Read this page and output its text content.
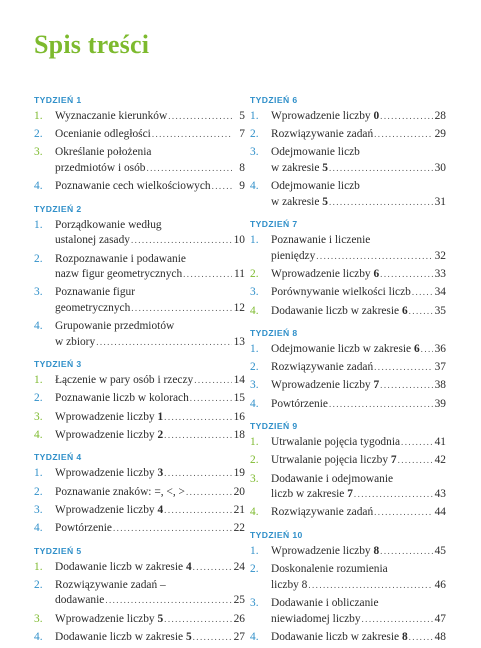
Spis treści
TYDZIEŃ 1
1.	Wyznaczanie kierunków .....	5
2.	Ocenianie odległości .....	7
3.	Określanie położenia
przedmiotów i osób .....	8
4.	Poznawanie cech wielkościowych .....	9
TYDZIEŃ 2
1.	Porządkowanie według
ustalonej zasady .....	10
2.	Rozpoznawanie i podawanie
nazw figur geometrycznych .....	11
3.	Poznawanie figur
geometrycznych .....	12
4.	Grupowanie przedmiotów
w zbiory .....	13
TYDZIEŃ 3
1.	Łączenie w pary osób i rzeczy .....	14
2.	Poznawanie liczb w kolorach .....	15
3.	Wprowadzenie liczby 1 .....	16
4.	Wprowadzenie liczby 2 .....	18
TYDZIEŃ 4
1.	Wprowadzenie liczby 3 .....	19
2.	Poznawanie znaków: =, <, > .....	20
3.	Wprowadzenie liczby 4 .....	21
4.	Powtórzenie .....	22
TYDZIEŃ 5
1.	Dodawanie liczb w zakresie 4 .....	24
2.	Rozwiązywanie zadań –
dodawanie .....	25
3.	Wprowadzenie liczby 5 .....	26
4.	Dodawanie liczb w zakresie 5 .....	27
TYDZIEŃ 6
1.	Wprowadzenie liczby 0 .....	28
2.	Rozwiązywanie zadań .....	29
3.	Odejmowanie liczb
w zakresie 5 .....	30
4.	Odejmowanie liczb
w zakresie 5 .....	31
TYDZIEŃ 7
1.	Poznawanie i liczenie
pieniędzy .....	32
2.	Wprowadzenie liczby 6 .....	33
3.	Porównywanie wielkości liczb ..... 34
4.	Dodawanie liczb w zakresie 6 ..... 35
TYDZIEŃ 8
1.	Odejmowanie liczb w zakresie 6 ..... 36
2.	Rozwiązywanie zadań .....	37
3.	Wprowadzenie liczby 7 .....	38
4.	Powtórzenie .....	39
TYDZIEŃ 9
1.	Utrwalanie pojęcia tygodnia .....	41
2.	Utrwalanie pojęcia liczby 7 .....	42
3.	Dodawanie i odejmowanie
liczb w zakresie 7 .....	43
4.	Rozwiązywanie zadań .....	44
TYDZIEŃ 10
1.	Wprowadzenie liczby 8 .....	45
2.	Doskonalenie rozumienia
liczby 8 .....	46
3.	Dodawanie i obliczanie
niewiadomej liczby .....	47
4.	Dodawanie liczb w zakresie 8 ..... 48
